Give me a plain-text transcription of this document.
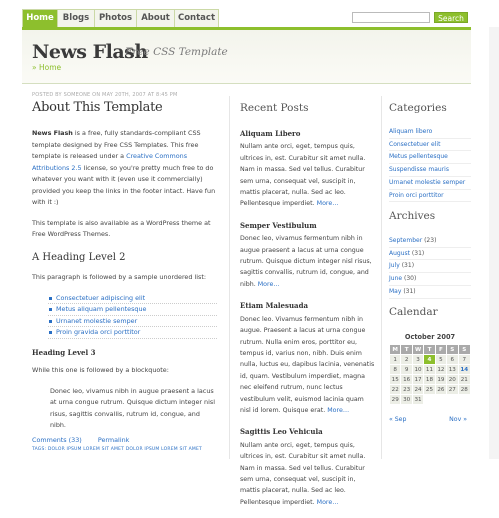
Home	Blogs	Photos	About Contact	Search
News Flash
Free CSS Template
» Home
POSTED BY SOMEONE ON MAY 20TH, 2007 AT 8:45 PM
About This Template

News Flash is a free, fully standards-compliant CSS template designed by Free CSS Templates. This free template is released under a Creative Commons Attributions 2.5 license, so you're pretty much free to do whatever you want with it (even use it commercially) provided you keep the links in the footer intact. Have fun with it :)

This template is also available as a WordPress theme at Free WordPress Themes.

A Heading Level 2

This paragraph is followed by a sample unordered list:

Consectetuer adipiscing elit
Metus aliquam pellentesque
Urnanet molestie semper
Proin gravida orci porttitor
Heading Level 3

While this one is followed by a blockquote:

Donec leo, vivamus nibh in augue praesent a lacus at urna congue rutrum. Quisque dictum integer nisl risus, sagittis convallis, rutrum id, congue, and nibh.

Comments (33)	Permalink
TAGS: DOLOR IPSUM LOREM SIT AMET DOLOR IPSUM LOREM SIT AMET
Recent Posts
Aliquam Libero

Nullam ante orci, eget, tempus quis, ultrices in, est. Curabitur sit amet nulla. Nam in massa. Sed vel tellus. Curabitur sem urna, consequat vel, suscipit in, mattis placerat, nulla. Sed ac leo. Pellentesque imperdiet. More…

Semper Vestibulum

Donec leo, vivamus fermentum nibh in augue praesent a lacus at urna congue rutrum. Quisque dictum integer nisl risus, sagittis convallis, rutrum id, congue, and nibh. More…

Etiam Malesuada

Donec leo. Vivamus fermentum nibh in augue. Praesent a lacus at urna congue rutrum. Nulla enim eros, porttitor eu, tempus id, varius non, nibh. Duis enim nulla, luctus eu, dapibus lacinia, venenatis id, quam. Vestibulum imperdiet, magna nec eleifend rutrum, nunc lectus vestibulum velit, euismod lacinia quam nisl id lorem. Quisque erat. More…

Sagittis Leo Vehicula

Nullam ante orci, eget, tempus quis, ultrices in, est. Curabitur sit amet nulla. Nam in massa. Sed vel tellus. Curabitur sem urna, consequat vel, suscipit in, mattis placerat, nulla. Sed ac leo. Pellentesque imperdiet. More…

Categories
Aliquam libero
Consectetuer elit
Metus pellentesque
Suspendisse mauris
Urnanet molestie semper
Proin orci porttitor
Archives
September (23)
August (31)
July (31)
June (30)
May (31)
Calendar
October 2007
M	T	W	T	F	S	S
1	2	3	4	5	6	7
8	9	10	11	12	13	14
15	16	17	18	19	20	21
22	23	24	25	26	27	28
29	30	31				
« Sep	Nov »
